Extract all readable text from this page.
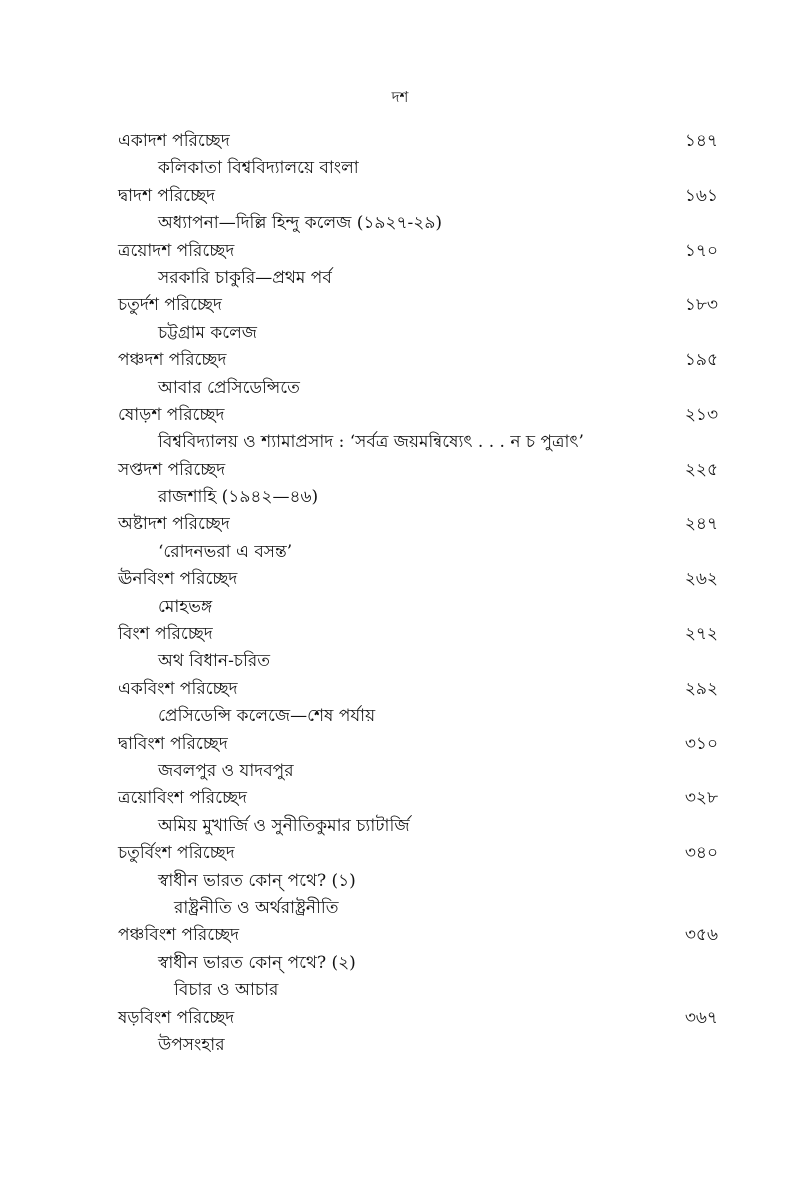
দশ
একাদশ পরিচ্ছেদ	১৪৭
কলিকাতা বিশ্ববিদ্যালয়ে বাংলা
দ্বাদশ পরিচ্ছেদ	১৬১
অধ্যাপনা—দিল্লি হিন্দু কলেজ (১৯২৭-২৯)
ত্রয়োদশ পরিচ্ছেদ	১৭০
সরকারি চাকুরি—প্রথম পর্ব
চতুর্দশ পরিচ্ছেদ	১৮৩
চট্টগ্রাম কলেজ
পঞ্চদশ পরিচ্ছেদ	১৯৫
আবার প্রেসিডেন্সিতে
ষোড়শ পরিচ্ছেদ	২১৩
বিশ্ববিদ্যালয় ও শ্যামাপ্রসাদ : ‘সর্বত্র জয়মন্বিষ্যেৎ . . . ন চ পুত্রাৎ’
সপ্তদশ পরিচ্ছেদ	২২৫
রাজশাহি (১৯৪২—৪৬)
অষ্টাদশ পরিচ্ছেদ	২৪৭
‘রোদনভরা এ বসন্ত’
ঊনবিংশ পরিচ্ছেদ	২৬২
মোহভঙ্গ
বিংশ পরিচ্ছেদ	২৭২
অথ বিধান-চরিত
একবিংশ পরিচ্ছেদ	২৯২
প্রেসিডেন্সি কলেজে—শেষ পর্যায়
দ্বাবিংশ পরিচ্ছেদ	৩১০
জবলপুর ও যাদবপুর
ত্রয়োবিংশ পরিচ্ছেদ	৩২৮
অমিয় মুখার্জি ও সুনীতিকুমার চ্যাটার্জি
চতুর্বিংশ পরিচ্ছেদ	৩৪০
স্বাধীন ভারত কোন্ পথে? (১)
রাষ্ট্রনীতি ও অর্থরাষ্ট্রনীতি
পঞ্চবিংশ পরিচ্ছেদ	৩৫৬
স্বাধীন ভারত কোন্ পথে? (২)
বিচার ও আচার
ষড়বিংশ পরিচ্ছেদ	৩৬৭
উপসংহার
